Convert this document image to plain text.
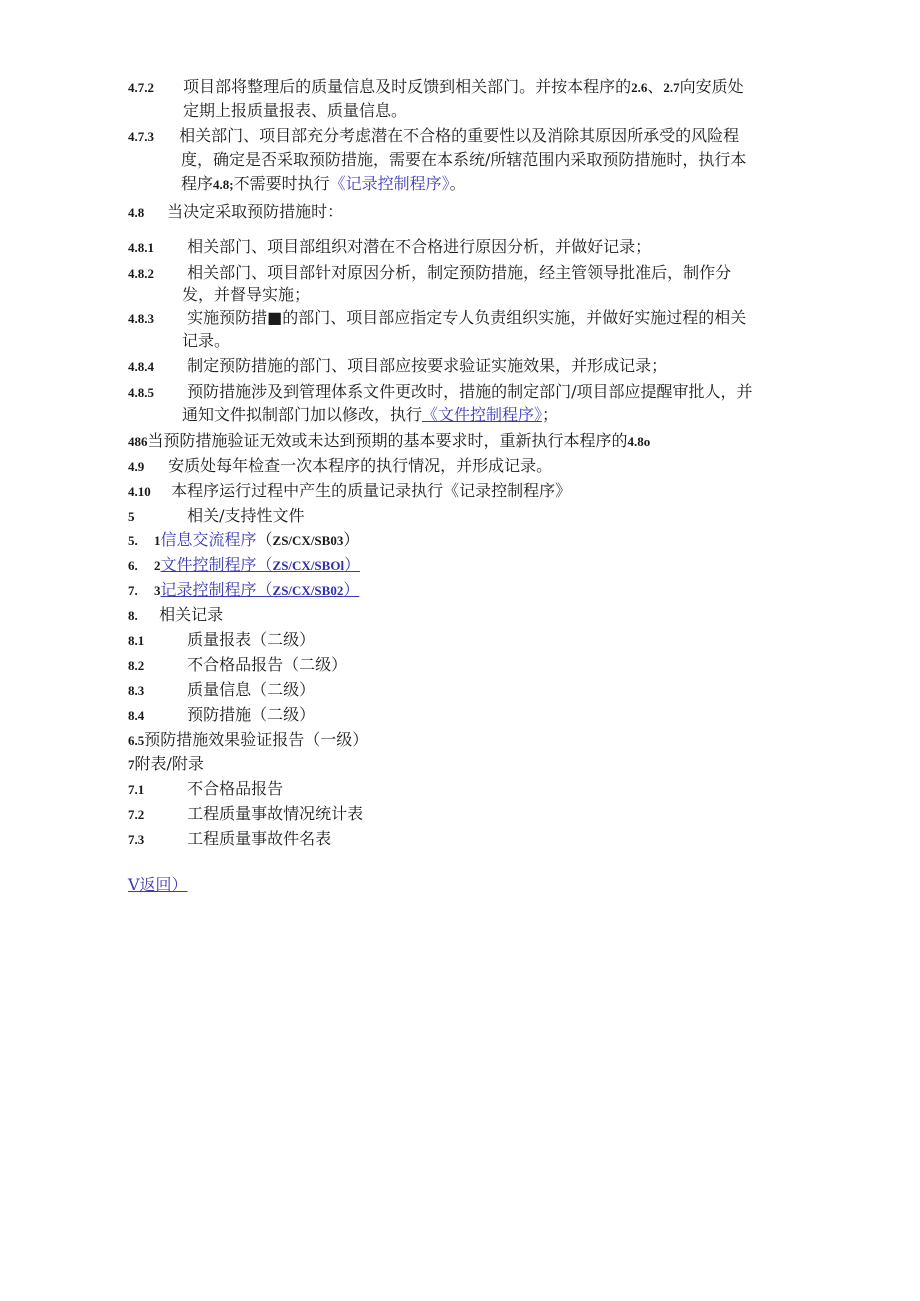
4.7.2 项目部将整理后的质量信息及时反馈到相关部门。并按本程序的2.6、2.7向安质处
定期上报质量报表、质量信息。
4.7.3 相关部门、项目部充分考虑潜在不合格的重要性以及消除其原因所承受的风险程
度，确定是否采取预防措施，需要在本系统/所辖范围内采取预防措施时，执行本
程序4.8;不需要时执行《记录控制程序》。
4.8 当决定采取预防措施时：
4.8.1 相关部门、项目部组织对潜在不合格进行原因分析，并做好记录；
4.8.2 相关部门、项目部针对原因分析，制定预防措施，经主管领导批准后，制作分
发，并督导实施；
4.8.3 实施预防措■的部门、项目部应指定专人负责组织实施，并做好实施过程的相关
记录。
4.8.4 制定预防措施的部门、项目部应按要求验证实施效果，并形成记录；
4.8.5 预防措施涉及到管理体系文件更改时，措施的制定部门/项目部应提醒审批人，并
通知文件拟制部门加以修改，执行《文件控制程序》；
486当预防措施验证无效或未达到预期的基本要求时，重新执行本程序的4.8o
4.9 安质处每年检查一次本程序的执行情况，并形成记录。
4.10 本程序运行过程中产生的质量记录执行《记录控制程序》
5	相关/支持性文件
5. 1信息交流程序（ZS/CX/SB03）
6. 2文件控制程序（ZS/CX/SBOl）
7. 3记录控制程序（ZS/CX/SB02）
8. 相关记录
8.1	质量报表（二级）
8.2	不合格品报告（二级）
8.3	质量信息（二级）
8.4	预防措施（二级）
6.5预防措施效果验证报告（一级）
7附表/附录
7.1	不合格品报告
7.2	工程质量事故情况统计表
7.3	工程质量事故件名表
V返回）
